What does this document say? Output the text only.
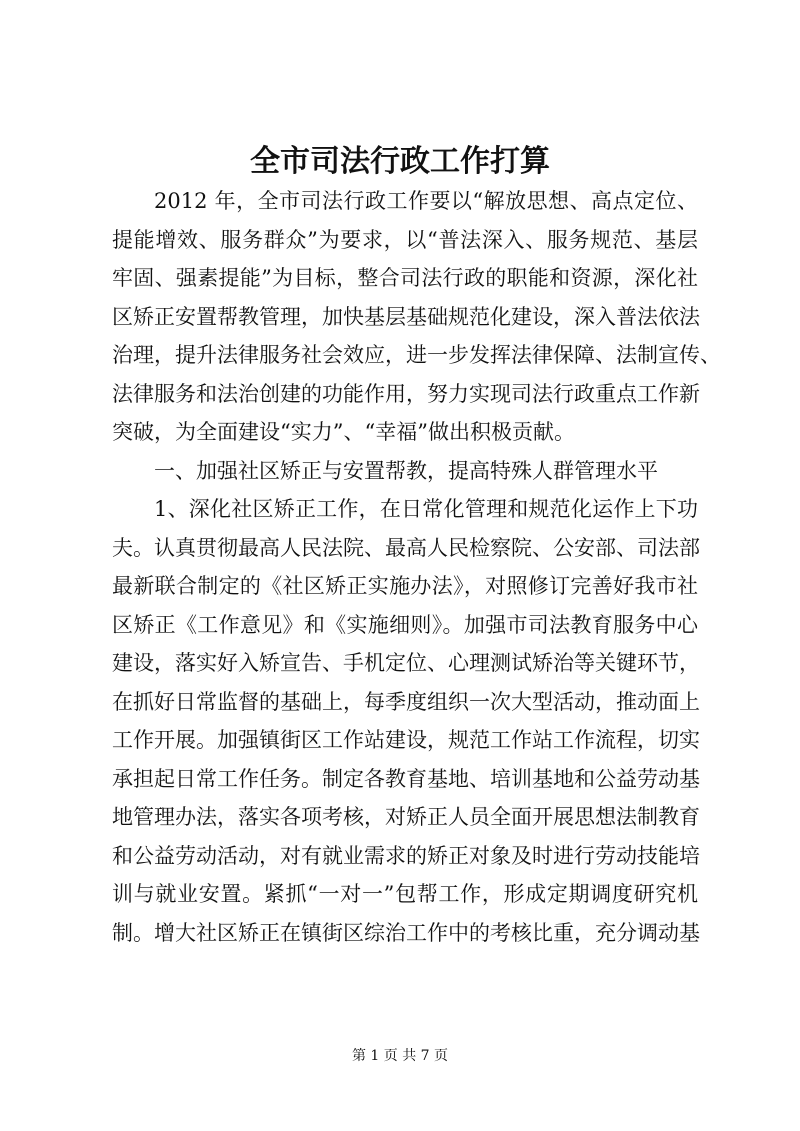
全市司法行政工作打算
2012 年，全市司法行政工作要以“解放思想、高点定位、
提能增效、服务群众”为要求，以“普法深入、服务规范、基层
牢固、强素提能”为目标，整合司法行政的职能和资源，深化社
区矫正安置帮教管理，加快基层基础规范化建设，深入普法依法
治理，提升法律服务社会效应，进一步发挥法律保障、法制宣传、
法律服务和法治创建的功能作用，努力实现司法行政重点工作新
突破，为全面建设“实力”、“幸福”做出积极贡献。
一、加强社区矫正与安置帮教，提高特殊人群管理水平
1、深化社区矫正工作，在日常化管理和规范化运作上下功
夫。认真贯彻最高人民法院、最高人民检察院、公安部、司法部
最新联合制定的《社区矫正实施办法》，对照修订完善好我市社
区矫正《工作意见》和《实施细则》。加强市司法教育服务中心
建设，落实好入矫宣告、手机定位、心理测试矫治等关键环节，
在抓好日常监督的基础上，每季度组织一次大型活动，推动面上
工作开展。加强镇街区工作站建设，规范工作站工作流程，切实
承担起日常工作任务。制定各教育基地、培训基地和公益劳动基
地管理办法，落实各项考核，对矫正人员全面开展思想法制教育
和公益劳动活动，对有就业需求的矫正对象及时进行劳动技能培
训与就业安置。紧抓“一对一”包帮工作，形成定期调度研究机
制。增大社区矫正在镇街区综治工作中的考核比重，充分调动基
第 1 页 共 7 页
